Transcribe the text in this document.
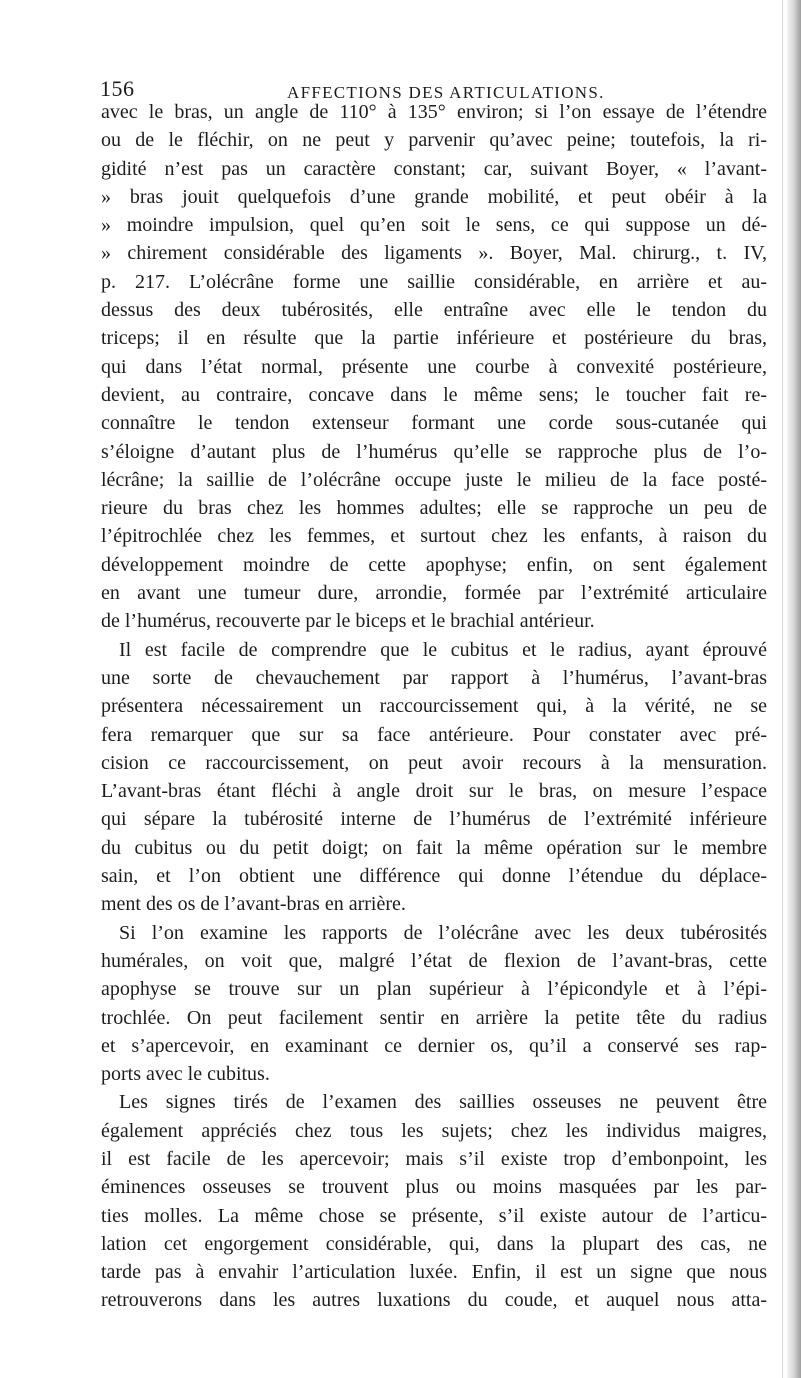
156	AFFECTIONS DES ARTICULATIONS.
avec le bras, un angle de 110° à 135° environ; si l’on essaye de l’étendre
ou de le fléchir, on ne peut y parvenir qu’avec peine; toutefois, la ri-
gidité n’est pas un caractère constant; car, suivant Boyer, « l’avant-
» bras jouit quelquefois d’une grande mobilité, et peut obéir à la
» moindre impulsion, quel qu’en soit le sens, ce qui suppose un dé-
» chirement considérable des ligaments ». Boyer, Mal. chirurg., t. IV,
p. 217. L’olécrâne forme une saillie considérable, en arrière et au-
dessus des deux tubérosités, elle entraîne avec elle le tendon du
triceps; il en résulte que la partie inférieure et postérieure du bras,
qui dans l’état normal, présente une courbe à convexité postérieure,
devient, au contraire, concave dans le même sens; le toucher fait re-
connaître le tendon extenseur formant une corde sous-cutanée qui
s’éloigne d’autant plus de l’humérus qu’elle se rapproche plus de l’o-
lécrâne; la saillie de l’olécrâne occupe juste le milieu de la face posté-
rieure du bras chez les hommes adultes; elle se rapproche un peu de
l’épitrochlée chez les femmes, et surtout chez les enfants, à raison du
développement moindre de cette apophyse; enfin, on sent également
en avant une tumeur dure, arrondie, formée par l’extrémité articulaire
de l’humérus, recouverte par le biceps et le brachial antérieur.
Il est facile de comprendre que le cubitus et le radius, ayant éprouvé
une sorte de chevauchement par rapport à l’humérus, l’avant-bras
présentera nécessairement un raccourcissement qui, à la vérité, ne se
fera remarquer que sur sa face antérieure. Pour constater avec pré-
cision ce raccourcissement, on peut avoir recours à la mensuration.
L’avant-bras étant fléchi à angle droit sur le bras, on mesure l’espace
qui sépare la tubérosité interne de l’humérus de l’extrémité inférieure
du cubitus ou du petit doigt; on fait la même opération sur le membre
sain, et l’on obtient une différence qui donne l’étendue du déplace-
ment des os de l’avant-bras en arrière.
Si l’on examine les rapports de l’olécrâne avec les deux tubérosités
humérales, on voit que, malgré l’état de flexion de l’avant-bras, cette
apophyse se trouve sur un plan supérieur à l’épicondyle et à l’épi-
trochlée. On peut facilement sentir en arrière la petite tête du radius
et s’apercevoir, en examinant ce dernier os, qu’il a conservé ses rap-
ports avec le cubitus.
Les signes tirés de l’examen des saillies osseuses ne peuvent être
également appréciés chez tous les sujets; chez les individus maigres,
il est facile de les apercevoir; mais s’il existe trop d’embonpoint, les
éminences osseuses se trouvent plus ou moins masquées par les par-
ties molles. La même chose se présente, s’il existe autour de l’articu-
lation cet engorgement considérable, qui, dans la plupart des cas, ne
tarde pas à envahir l’articulation luxée. Enfin, il est un signe que nous
retrouverons dans les autres luxations du coude, et auquel nous atta-
